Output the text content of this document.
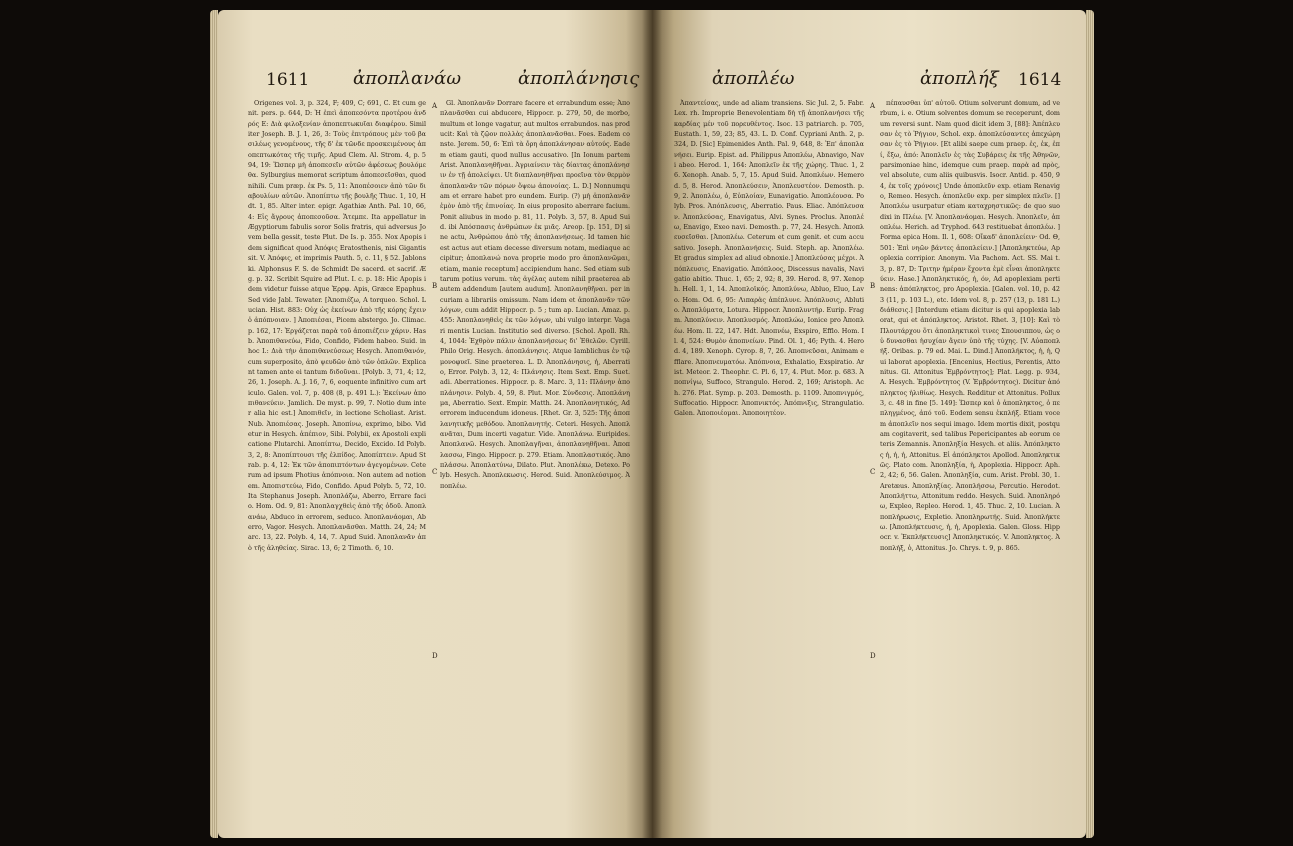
1611 ἀποπλανάω	ἀποπλάνησις

Origenes vol. 3, p. 324, F; 409, C; 691, C. Et cum genit. pers. p. 644, D: Ἡ ἐπεὶ ἀποπεσόντα προτέρου ἀνδρός E: Διὰ φιλοξενίαν ἀποπεπτωκυῖαι διαφέρου. Similiter Joseph. B. J. 1, 26, 3: Τοὺς ἐπιτρόπους μὲν τοῦ βασιλέως γενομένους, τῆς δ' ἐκ τῶνδε προσκειμένους ἀποπεπτωκότας τῆς τιμῆς. Apud Clem. Al. Strom. 4, p. 594, 19: Ὥσπερ μὴ ἀποπεσεῖν αὐτῶν ἀφέσεως βουλόμεθα. Sylburgius memorat scriptum ἀποπεσεῖσθαι, quod nihili. Cum præp. ἐκ Ps. 5, 11: Ἀποπέσοιεν ἀπὸ τῶν διαβουλίων αὐτῶν. Ἀποπίπτω τῆς βουλῆς Thuc. 1, 10, Hdt. 1, 85. Alter inter. epigr. Agathiæ Anth. Pal. 10, 66, 4: Εἰς ἄγρους ἀποπεσοῦσα. Ἄτεμπε. Ita appellatur in Ægyptiorum fabulis soror Solis fratris, qui adversus Jovem bella gessit, teste Plut. De Is. p. 355. Nox Apopis idem significat quod Ἀπόφις Eratosthenis, nisi Gigantis sit. V. Ἀπόφις, et imprimis Pauth. 5, c. 11, § 52. Jablonski. Alphonsus F. S. de Schmidt De sacerd. et sacrif. Æg. p. 32. Scribit Squire ad Plut. I. c. p. 18: Hic Apopis idem videtur fuisse atque Ἐρρφ. Apis, Græce Epaphus. Sed vide Jabl. Tewater. [Ἀποπιέζω, A torqueo. Schol. Lucian. Hist. 883: Οὐχ ὡς ἐκείνων ἀπὸ τῆς κόρης ἔχειν ὁ ἀπόπνοιαν. ] Ἀποπιέσαι, Picem abstergo. Jo. Climac. p. 162, 17: Ἐργάζεται παρὰ τοῦ ἀποπιέζειν χάριν. Hasb. Ἀποπιθανεύω, Fido, Confido, Fidem habeo. Suid. in hoc I.: Διὰ τὴν ἀποπιθανεύσεως Hesych. Ἀποπιθανόν, cum superposito, ἀπὸ ψευδῶν ἀπὸ τῶν ὁπλῶν. Explicant tamen ante ei tantum διδοῦναι. [Polyb. 3, 71, 4; 12, 26, 1. Joseph. A. J. 16, 7, 6, eoquente infinitivo cum articulo. Galen. vol. 7, p. 408 (8, p. 491 L.): Ἐκείνων ἀποπιθανεύειν. Jamlich. De myst. p. 99, 7. Notio dum inter alia hic est.] Ἀποπιθεῖν, in lectione Scholiast. Arist. Nub. Ἀποπιέσας. Joseph. Ἀποπίνω, exprimo, bibo. Videtur in Hesych. ἀπέπιον, Sibi. Polybii, ex Apostoli explicatione Plutarchi. Ἀποπίπτω, Decido, Excido. Id Polyb. 3, 2, 8: Ἀποπίπτουσι τῆς ἐλπίδος. Ἀποπίπτειν. Apud Strab. p. 4, 12: Ἐκ τῶν ἀποπιπτόντων ἀγεγομένων. Ceterum ad ipsum Photius ἀπόπνοια. Non autem ad notionem. Ἀποπιστεύω, Fido, Confido. Apud Polyb. 5, 72, 10. Ita Stephanus Joseph. Ἀποπλάζω, Aberro, Errare facio. Hom. Od. 9, 81: Ἀποπλαγχθεὶς ἀπὸ τῆς ὁδοῦ. Ἀποπλανάω, Abduco in errorem, seduco. Ἀποπλανάομαι, Aberro, Vagor. Hesych. Ἀποπλανᾶσθαι. Matth. 24, 24; Marc. 13, 22. Polyb. 4, 14, 7. Apud Suid. Ἀποπλανᾶν ἀπὸ τῆς ἀληθείας. Sirac. 13, 6; 2 Timoth. 6, 10.

A
B
C
D

Gl. Ἀποπλανᾶν Dorrare facere et errabundum esse; Ἀποπλανᾶσθαι cui abducere, Hippocr. p. 279, 50, de morbo, multum et longe vagatur, aut multos errabundos. nas producit: Καὶ τὰ ζῷον πολλὰς ἀποπλανᾶσθαι. Foes. Eadem conste. Jerem. 50, 6: Ἐπὶ τὰ ὄρη ἀποπλάνησαν αὐτούς. Eadem etiam gauti, quod nullus accusativo. [In Ionum partem Arist. Ἀποπλανηθῆναι. Ἀγριαίνειν τὰς δίαιτας ἀποπλάνησιν ἐν τῇ ἀπολείψει. Ut διαπλανηθῆναι προεῖνα τὸν θερμὸν ἀποπλανᾶν τῶν πόρων ὄψεω ἀπονοίας. L. D.] Nonnumquam et errare habet pro eundem. Eurip. (?) μὴ ἀποπλανᾶν ἐμὸν ἀπὸ τῆς ἐπινοίας. In eius proposito aberrare facium. Ponit aliubus in modo p. 81, 11. Polyb. 3, 57, 8. Apud Suid. ibi Ἀπόσπασις ἀνθρώπων ἐκ μιᾶς. Areop. [p. 151, D] sine actu, Ἀνθρώπου ἀπὸ τῆς ἀποπλανήσεως. Id tamen hic est actus aut etiam decesse diversum notam, mediaque accipitur; ἀποπλανώ nova proprie modo pro ἀποπλανῶμαι, etiam, manie receptum] accipiendum hanc. Sed etiam sub tarum potius verum. τὰς ἀγέλας autem nihil praeterea ab autem addendum [autem audum]. Ἀποπλανηθῆναι. per incuriam a librariis omissum. Nam idem et ἀποπλανᾶν τῶν λόγων, cum addit Hippocr. p. 5 ; tum ap. Lucian. Amaz. p. 455: Ἀποπλανηθεὶς ἐκ τῶν λόγων, ubi vulgo interpr. Vagari mentis Lucian. Institutio sed diverso. [Schol. Apoll. Rh. 4, 1044: Ἐχθρὸν πάλιν ἀποπλανήσεως δι' Ἐθελῶν. Cyrill. Philo Orig. Hesych. ἀποπλάνησις. Atque Iamblichus ἐν τῷ μονοφυεῖ. Sine praeterea. L. D. Ἀποπλάνησις, ἡ, Aberratio, Error. Polyb. 3, 12, 4: Πλάνησις. Item Sext. Emp. Suet. adi. Aberrationes. Hippocr. p. 8. Marc. 3, 11: Πλάνην ἀποπλάνησιν. Polyb. 4, 59, 8. Plut. Mor. Σύνδεσις. Ἀποπλάνημα, Aberratio. Sext. Empir. Matth. 24. Ἀποπλανητικός, Ad errorem inducendum idoneus. [Rhet. Gr. 3, 525: Τῆς ἀποπλανητικῆς μεθόδου. Ἀποπλανητής. Ceteri. Hesych. Ἀποπλανᾶται, Dum incerti vagatur. Vide. Ἀποπλάνω. Euripides. Ἀποπλανῶ. Hesych. Ἀποπλαγῆναι, ἀποπλανηθῆναι. Ἀποπλασσω, Fingo. Hippocr. p. 279. Etiam. Ἀποπλαστικός. Ἀποπλάσσω. Ἀποπλατύνω, Dilato. Plut. Ἀποπλέκω, Detexo. Polyb. Hesych. Ἀποπλεκωσις. Herod. Suid. Ἀποπλεύσιμος. Ἀποπλέω.

ἀποπλέω	ἀποπλήξ 1614

Ἀπαντείσας, unde ad aliam transiens. Sic Jul. 2, 5. Fabr. Lex. rh. Improprie Benevolentiam δὴ τῇ ἀποπλανήσει τῆς καρδίας μέν τοῦ πορευθέντος. Isoc. 13 patriarch. p. 705, Eustath. 1, 59, 23; 85, 43. L. D. Conf. Cypriani Anth. 2, p. 324, D. [Sic] Epimenides Anth. Pal. 9, 648, 8: Ἐπ' ἀποπλανήσει. Eurip. Epist. ad. Philippus Ἀποπλέω, Abnavigo, Navi abeo. Herod. 1, 164: Ἀποπλεῖν ἐκ τῆς χώρης. Thuc. 1, 26. Xenoph. Anab. 5, 7, 15. Apud Suid. Ἀποπλέων. Hemerod. 5, 8. Herod. Ἀποπλεύσειν, Ἀποπλευστέον. Demosth. p. 9, 2. Ἀποπλέω, ὁ, Εὐπλοίαν, Eunavigatio. Ἀποπλέουσα. Polyb. Pros. Ἀπόπλευσις, Aberratio. Paus. Eliac. Ἀπόπλευσαν. Ἀποπλεύσας, Enavigatus, Alvi. Synes. Proclus. Ἀποπλέω, Enavigo, Exeo navi. Demosth. p. 77, 24. Hesych. Ἀποπλευσεῖσθαι. [Ἀποπλέω. Ceterum et cum genit. et cum accusativo. Joseph. Ἀποπλανήσεις. Suid. Steph. ap. Ἀποπλέω. Et gradus simplex ad aliud obnoxie.] Ἀποπλεύσας μέχρι. Ἀπόπλευσις, Enavigatio. Ἀπόπλοος, Discessus navalis, Navigatio abitio. Thuc. 1, 65; 2, 92; 8, 39. Herod. 8, 97. Xenoph. Hell. 1, 1, 14. Ἀποπλοϊκός. Ἀποπλύνω, Abluo, Eluo, Lavo. Hom. Od. 6, 95: Λιπαρὰς ἀπέπλυνε. Ἀπόπλυσις, Ablutio. Ἀποπλύματα, Lotura. Hippocr. Ἀποπλυντήρ. Eurip. Fragm. Ἀποπλύνειν. Ἀποπλυσμός. Ἀποπλώω, Ionice pro Ἀποπλέω. Hom. Il. 22, 147. Hdt. Ἀποπνέω, Exspiro, Efflo. Hom. Il. 4, 524: Θυμὸν ἀποπνείων. Pind. Ol. 1, 46; Pyth. 4. Herod. 4, 189. Xenoph. Cyrop. 8, 7, 26. Ἀποπνεῦσαι, Animam efflare. Ἀποπνευματόω. Ἀπόπνοια, Exhalatio, Exspiratio. Arist. Meteor. 2. Theophr. C. Pl. 6, 17, 4. Plut. Mor. p. 683. Ἀποπνίγω, Suffoco, Strangulo. Herod. 2, 169; Aristoph. Ach. 276. Plat. Symp. p. 203. Demosth. p. 1109. Ἀποπνιγμός, Suffocatio. Hippocr. Ἀποπνικτός. Ἀπόπνιξις, Strangulatio. Galen. Ἀποποιέομαι. Ἀποποιητέον.

A
B
C
D

πέπαυσθαι ὑπ' αὐτοῦ. Otium solverunt domum, ad verbum, i. e. Otium solventes domum se receperunt, domum reversi sunt. Nam quod dicit idem 3, [88]: Ἀπέπλευσαν ἐς τὸ Ῥήγιον, Schol. exp. ἀποπλεύσαντες ἀπεχώρησαν ἐς τὸ Ῥήγιον. [Et alibi saepe cum praep. ἐς, ἐκ, ἐπί, ἔξω, ἀπό: Ἀποπλεῖν ἐς τὰς Συβάρεις ἐκ τῆς Ἀθηνῶν, parsimoniae hinc, idemque cum praep. παρὰ ad πρὸς, vel absolute, cum aliis quibusvis. Isocr. Antid. p. 450, 94, ἐκ τοῖς χρόνοις] Unde ἀποπλεῦν exp. etiam Renavigo, Remeo. Hesych. ἀποπλεῦν exp. per simplex πλεῖν. [] Ἀποπλέω usurpatur etiam καταχρηστικῶς: de quo suo dixi in Πλέω. [V. Ἀποπλανάομαι. Hesych. Ἀποπλεῖν, ἀποπλέω. Herich. ad Tryphod. 643 restituebat ἀποπλέω. ] Forma epica Hom. Il. 1, 608: Οἴκαδ' ἀποπλείειν· Od. Θ, 501: Ἐπὶ νηῶν βάντες ἀποπλείειν.] [Ἀποπληκτεύω, Apoplexia corripior. Anonym. Via Pachom. Act. SS. Mai t. 3, p. 87, D: Τριτην ἡμέραν ἔχοντα ἐμὲ εἶναι ἀποπληκτεύειν. Hase.] Ἀποπληκτικός, ἡ, όν, Ad apoplexiam pertinens: ἀπόπληκτος, pro Apoplexia. [Galen. vol. 10, p. 423 (11, p. 103 L.), etc. Idem vol. 8, p. 257 (13, p. 181 L.) διάθεσις.] [Interdum etiam dicitur is qui apoplexia laborat, qui et ἀπόπληκτος. Aristot. Rhet. 3, [10]: Καὶ τὸ Πλουτάρχου ὅτι ἀποπληκτικοὶ τινες Σπουσιππου, ὡς οὐ δυνασθαι ἡσυχίαν ἄγειν ὑπὸ τῆς τύχης. [V. Αὐαποπλήξ. Oribas. p. 79 ed. Mai. L. Dind.] Ἀποπλήκτος, ἡ, ἡ, Qui laborat apoplexia. [Encenius, Hectius, Perentis, Attonitus. Gl. Attonitus Ἐμβρόντητος]; Plat. Legg. p. 934, A. Hesych. Ἐμβρόντητος (V. Ἐμβρόντητος). Dicitur ἀπόπληκτος ἡλιθίως. Hesych. Redditur et Attonitus. Pollux 3, c. 48 in fine [5. 149]: Ὥσπερ καὶ ὁ ἀποπληκτος, ὁ πεπληγμένος, ἀπό τοῦ. Eodem sensu ἐκπλήξ. Etiam vocem ἀποπλεῖν nos sequi imago. Idem mortis dixit, postquam cogitaverit, sed talibus Pepericipantes ab eorum ceteris Zemannis. Ἀποπληξία Hesych. et aliis. Ἀπόπληκτος ἡ, ἡ, ἡ, Attonitus. Εἰ ἀπόπληκτοι Apollod. Ἀποπληκτικῶς. Plato com. Ἀποπληξία, ἡ, Apoplexia. Hippocr. Aph. 2, 42; 6, 56. Galen. Ἀποπληξία, cum. Arist. Probl. 30, 1. Aretæus. Ἀποπληξίας. Ἀποπλήσσω, Percutio. Herodot. Ἀποπλήττω, Attonitum reddo. Hesych. Suid. Ἀποπληρόω, Expleo, Repleo. Herod. 1, 45. Thuc. 2, 10. Lucian. Ἀποπλήρωσις, Expletio. Ἀποπληρωτής. Suid. Ἀποπλήκτεω. [Ἀποπλήκτευσις, ἡ, ἡ, Apoplexia. Galen. Gloss. Hippocr. v. Ἐκπλήκτευσις] Ἀποπληκτικός. V. Ἀποπληκτος. Ἀποπλήξ, ὁ, Attonitus. Jo. Chrys. t. 9, p. 865.
